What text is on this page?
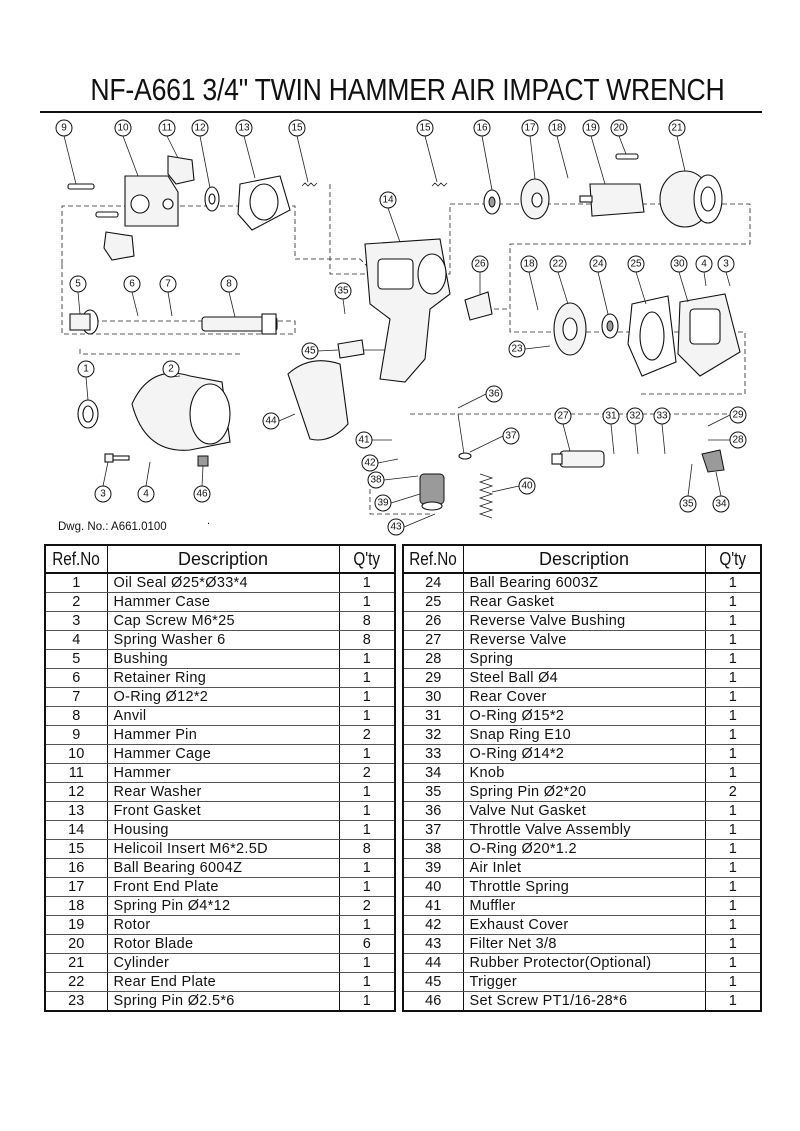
NF-A661 3/4" TWIN HAMMER AIR IMPACT WRENCH
9	10	11 12	13	15	15	16	17 18 19 20	21
14
26	18 22	24	25	30 4 3
5	6	7	8
35
23
45
1	2
44
36
27	31 32 33	29
28
37
41
42
38
40
39	34
35
3	4	46
43
Dwg. No.: A661.0100	.
Ref.No	Description	Q'ty
1	Oil Seal Ø25*Ø33*4	1
2	Hammer Case	1
3	Cap Screw M6*25	8
4	Spring Washer 6	8
5	Bushing	1
6	Retainer Ring	1
7	O-Ring Ø12*2	1
8	Anvil	1
9	Hammer Pin	2
10	Hammer Cage	1
11	Hammer	2
12	Rear Washer	1
13	Front Gasket	1
14	Housing	1
15	Helicoil Insert M6*2.5D	8
16	Ball Bearing 6004Z	1
17	Front End Plate	1
18	Spring Pin Ø4*12	2
19	Rotor	1
20	Rotor Blade	6
21	Cylinder	1
22	Rear End Plate	1
23	Spring Pin Ø2.5*6	1
Ref.No	Description	Q'ty
24	Ball Bearing 6003Z	1
25	Rear Gasket	1
26	Reverse Valve Bushing	1
27	Reverse Valve	1
28	Spring	1
29	Steel Ball Ø4	1
30	Rear Cover	1
31	O-Ring Ø15*2	1
32	Snap Ring E10	1
33	O-Ring Ø14*2	1
34	Knob	1
35	Spring Pin Ø2*20	2
36	Valve Nut Gasket	1
37	Throttle Valve Assembly	1
38	O-Ring Ø20*1.2	1
39	Air Inlet	1
40	Throttle Spring	1
41	Muffler	1
42	Exhaust Cover	1
43	Filter Net 3/8	1
44	Rubber Protector(Optional)	1
45	Trigger	1
46	Set Screw PT1/16-28*6	1
